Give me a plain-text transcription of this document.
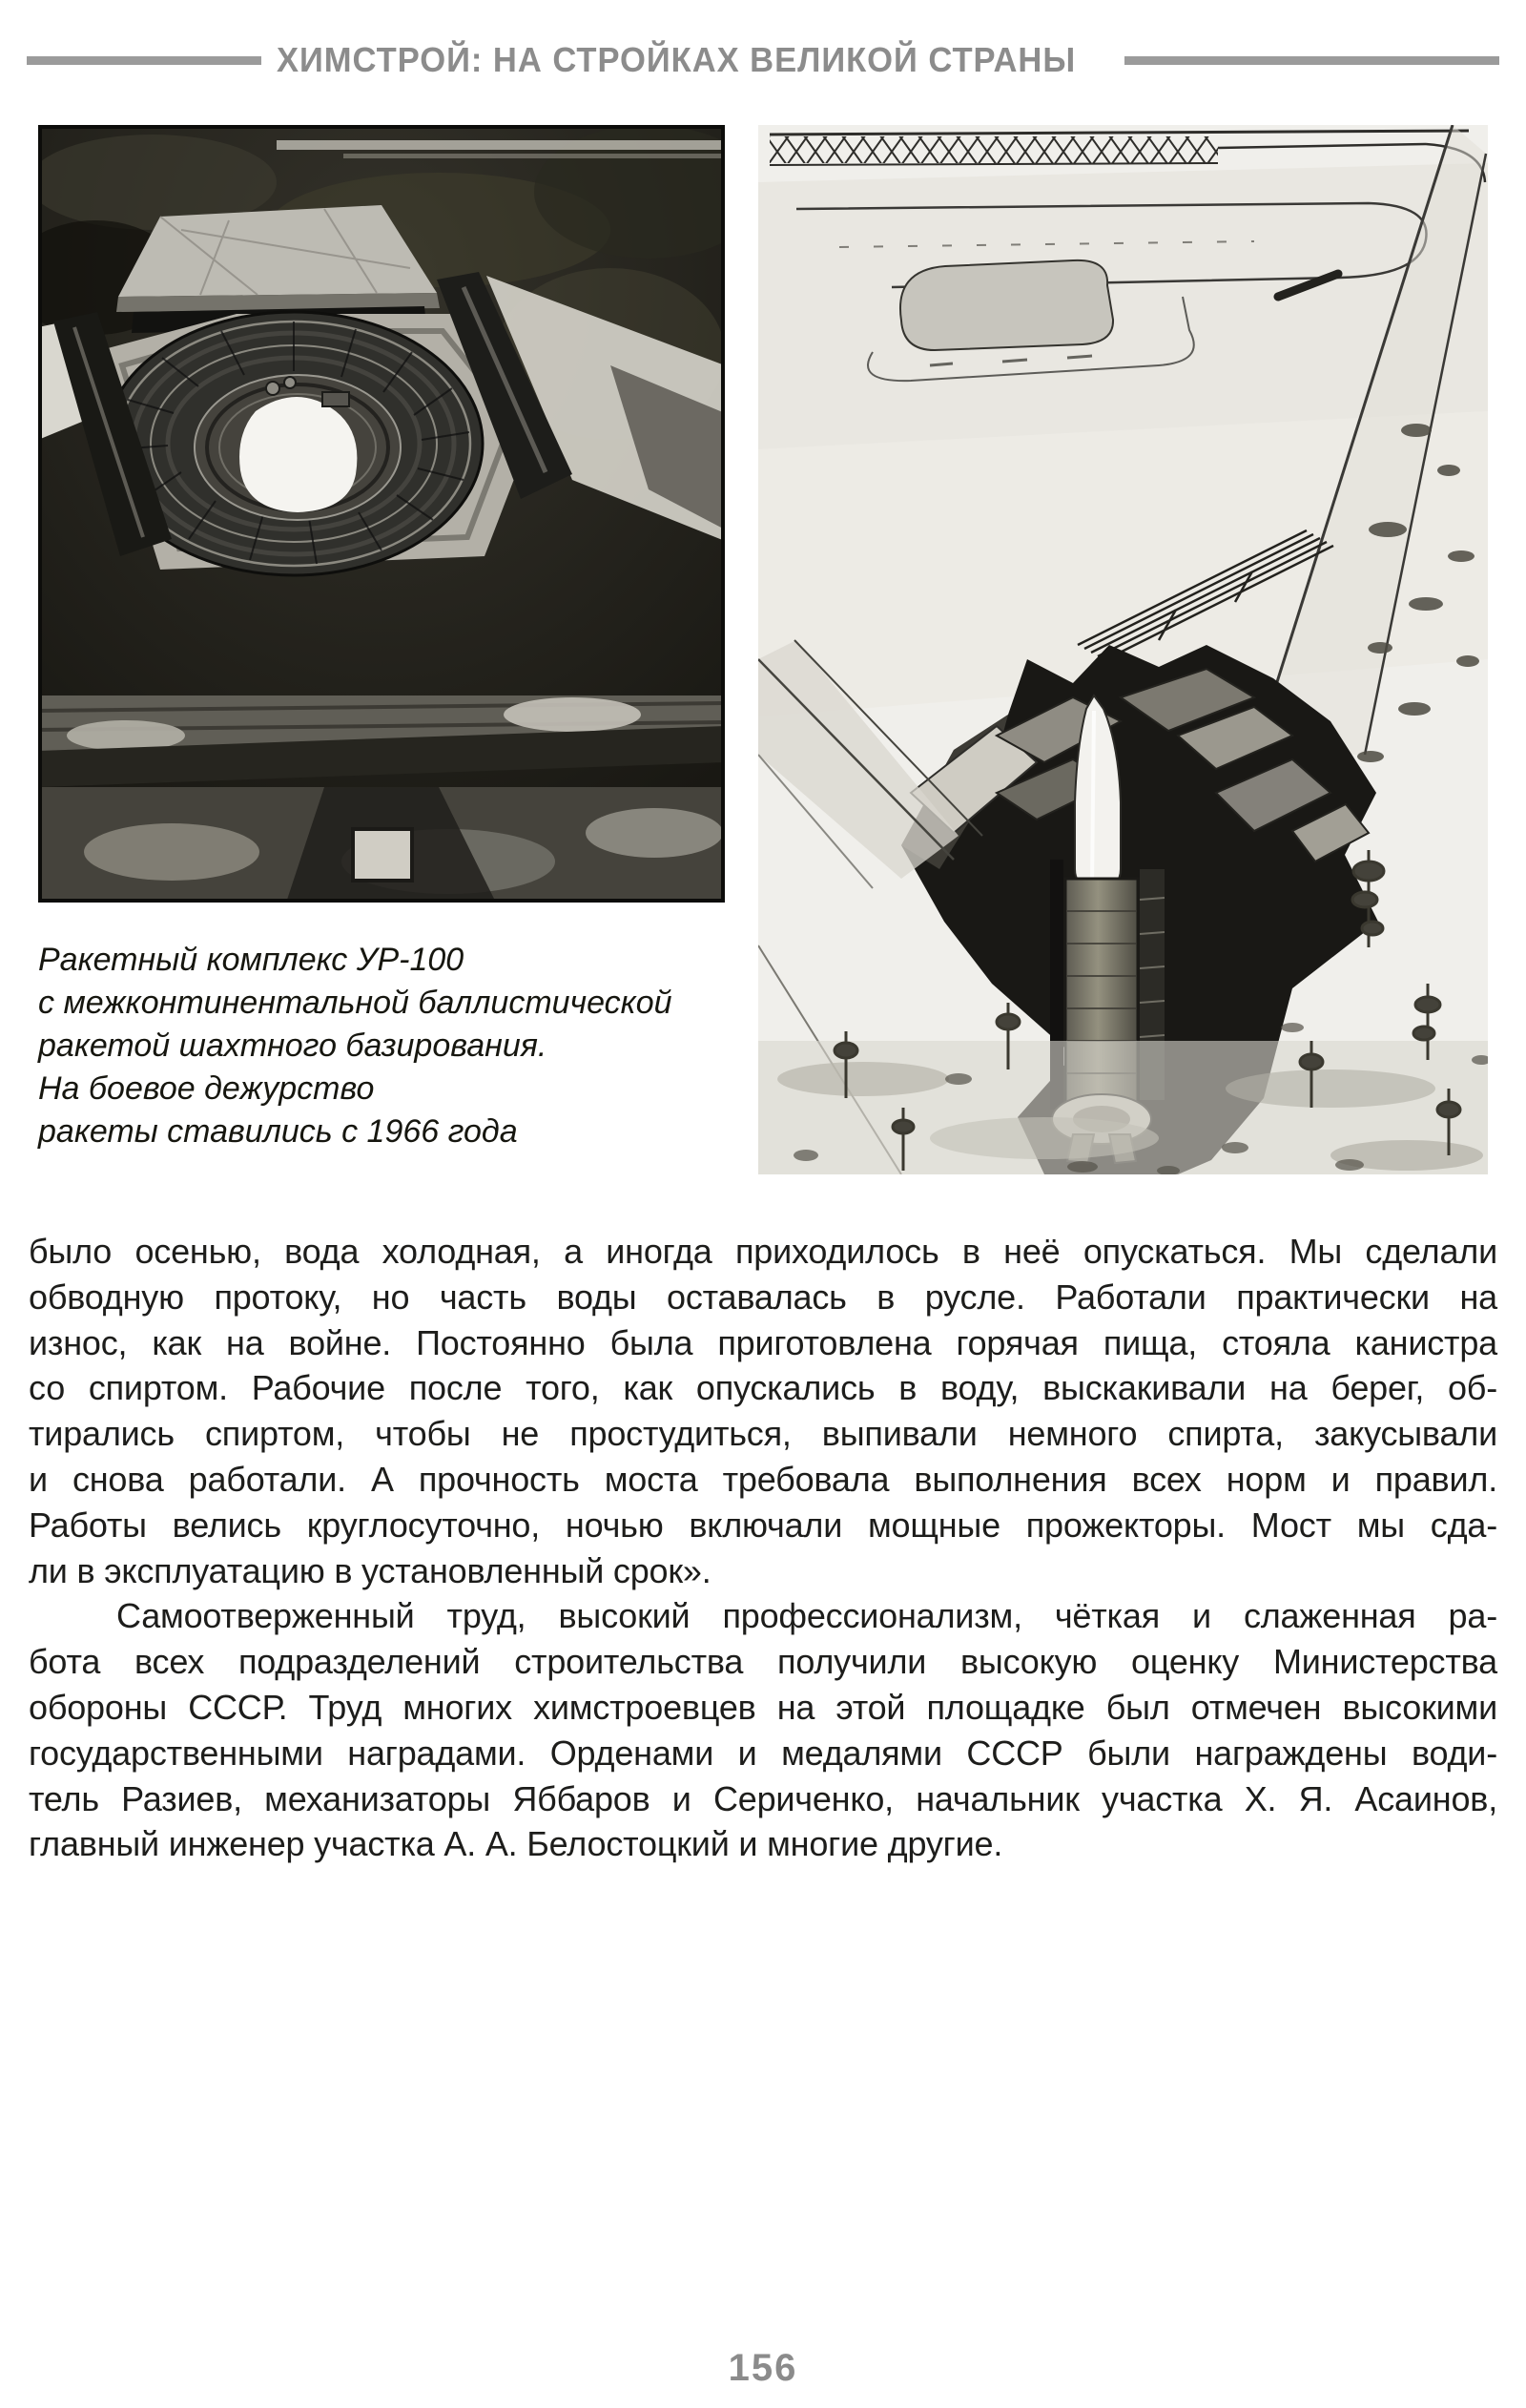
ХИМСТРОЙ: НА СТРОЙКАХ ВЕЛИКОЙ СТРАНЫ
Ракетный комплекс УР-100
с межконтинентальной баллистической
ракетой шахтного базирования.
На боевое дежурство
ракеты ставились с 1966 года
было осенью, вода холодная, а иногда приходилось в неё опускаться. Мы сделали
обводную протоку, но часть воды оставалась в русле. Работали практически на
износ, как на войне. Постоянно была приготовлена горячая пища, стояла канистра
со спиртом. Рабочие после того, как опускались в воду, выскакивали на берег, об-
тирались спиртом, чтобы не простудиться, выпивали немного спирта, закусывали
и снова работали. А прочность моста требовала выполнения всех норм и правил.
Работы велись круглосуточно, ночью включали мощные прожекторы. Мост мы сда-
ли в эксплуатацию в установленный срок».
Самоотверженный труд, высокий профессионализм, чёткая и слаженная ра-
бота всех подразделений строительства получили высокую оценку Министерства
обороны СССР. Труд многих химстроевцев на этой площадке был отмечен высокими
государственными наградами. Орденами и медалями СССР были награждены води-
тель Разиев, механизаторы Яббаров и Сериченко, начальник участка Х. Я. Асаинов,
главный инженер участка А. А. Белостоцкий и многие другие.
156
